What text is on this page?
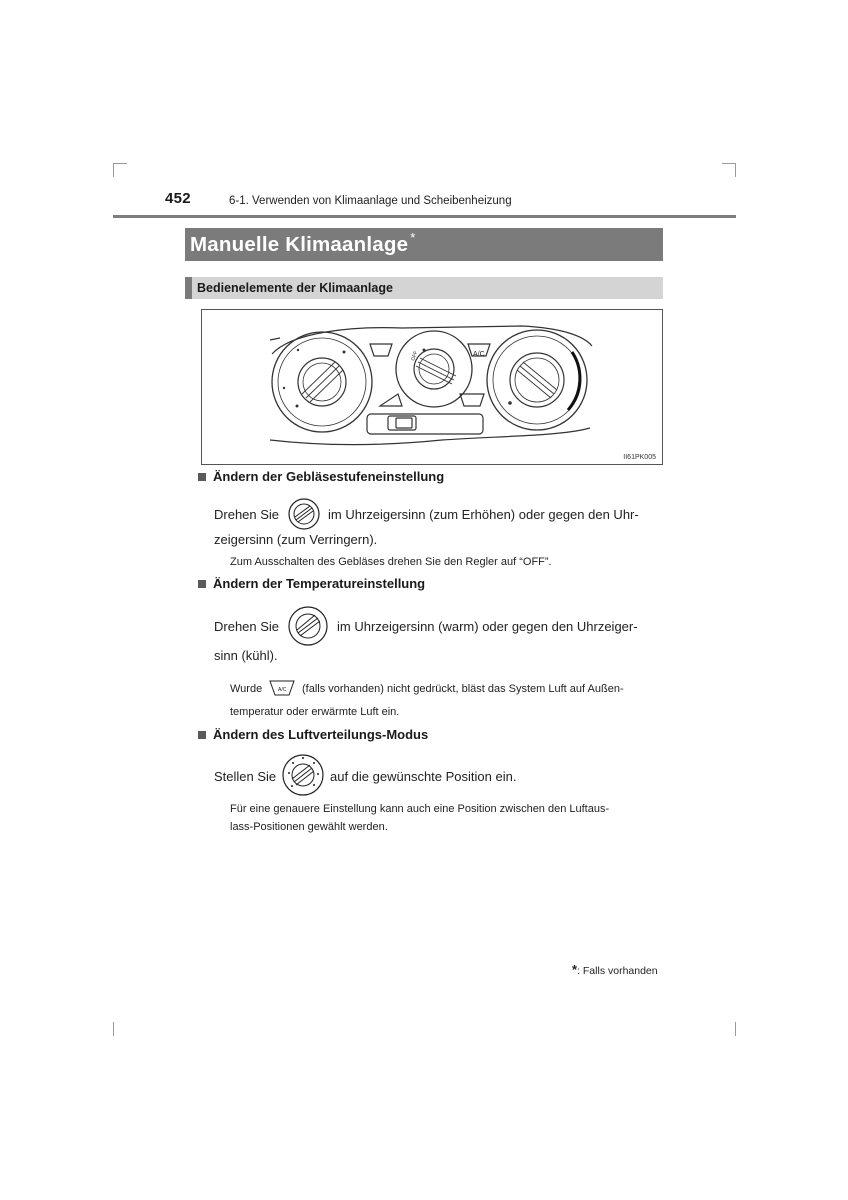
452	6-1. Verwenden von Klimaanlage und Scheibenheizung
Manuelle Klimaanlage *
Bedienelemente der Klimaanlage
A/C
OFF
II61PK005
Ändern der Gebläsestufeneinstellung
Drehen Sie	im Uhrzeigersinn (zum Erhöhen) oder gegen den Uhr-
zeigersinn (zum Verringern).
Zum Ausschalten des Gebläses drehen Sie den Regler auf “OFF”.
Ändern der Temperatureinstellung
Drehen Sie	im Uhrzeigersinn (warm) oder gegen den Uhrzeiger-
sinn (kühl).
Wurde	A/C (falls vorhanden) nicht gedrückt, bläst das System Luft auf Außen-
temperatur oder erwärmte Luft ein.
Ändern des Luftverteilungs-Modus
Stellen Sie	auf die gewünschte Position ein.
Für eine genauere Einstellung kann auch eine Position zwischen den Luftaus-
lass-Positionen gewählt werden.
*: Falls vorhanden
